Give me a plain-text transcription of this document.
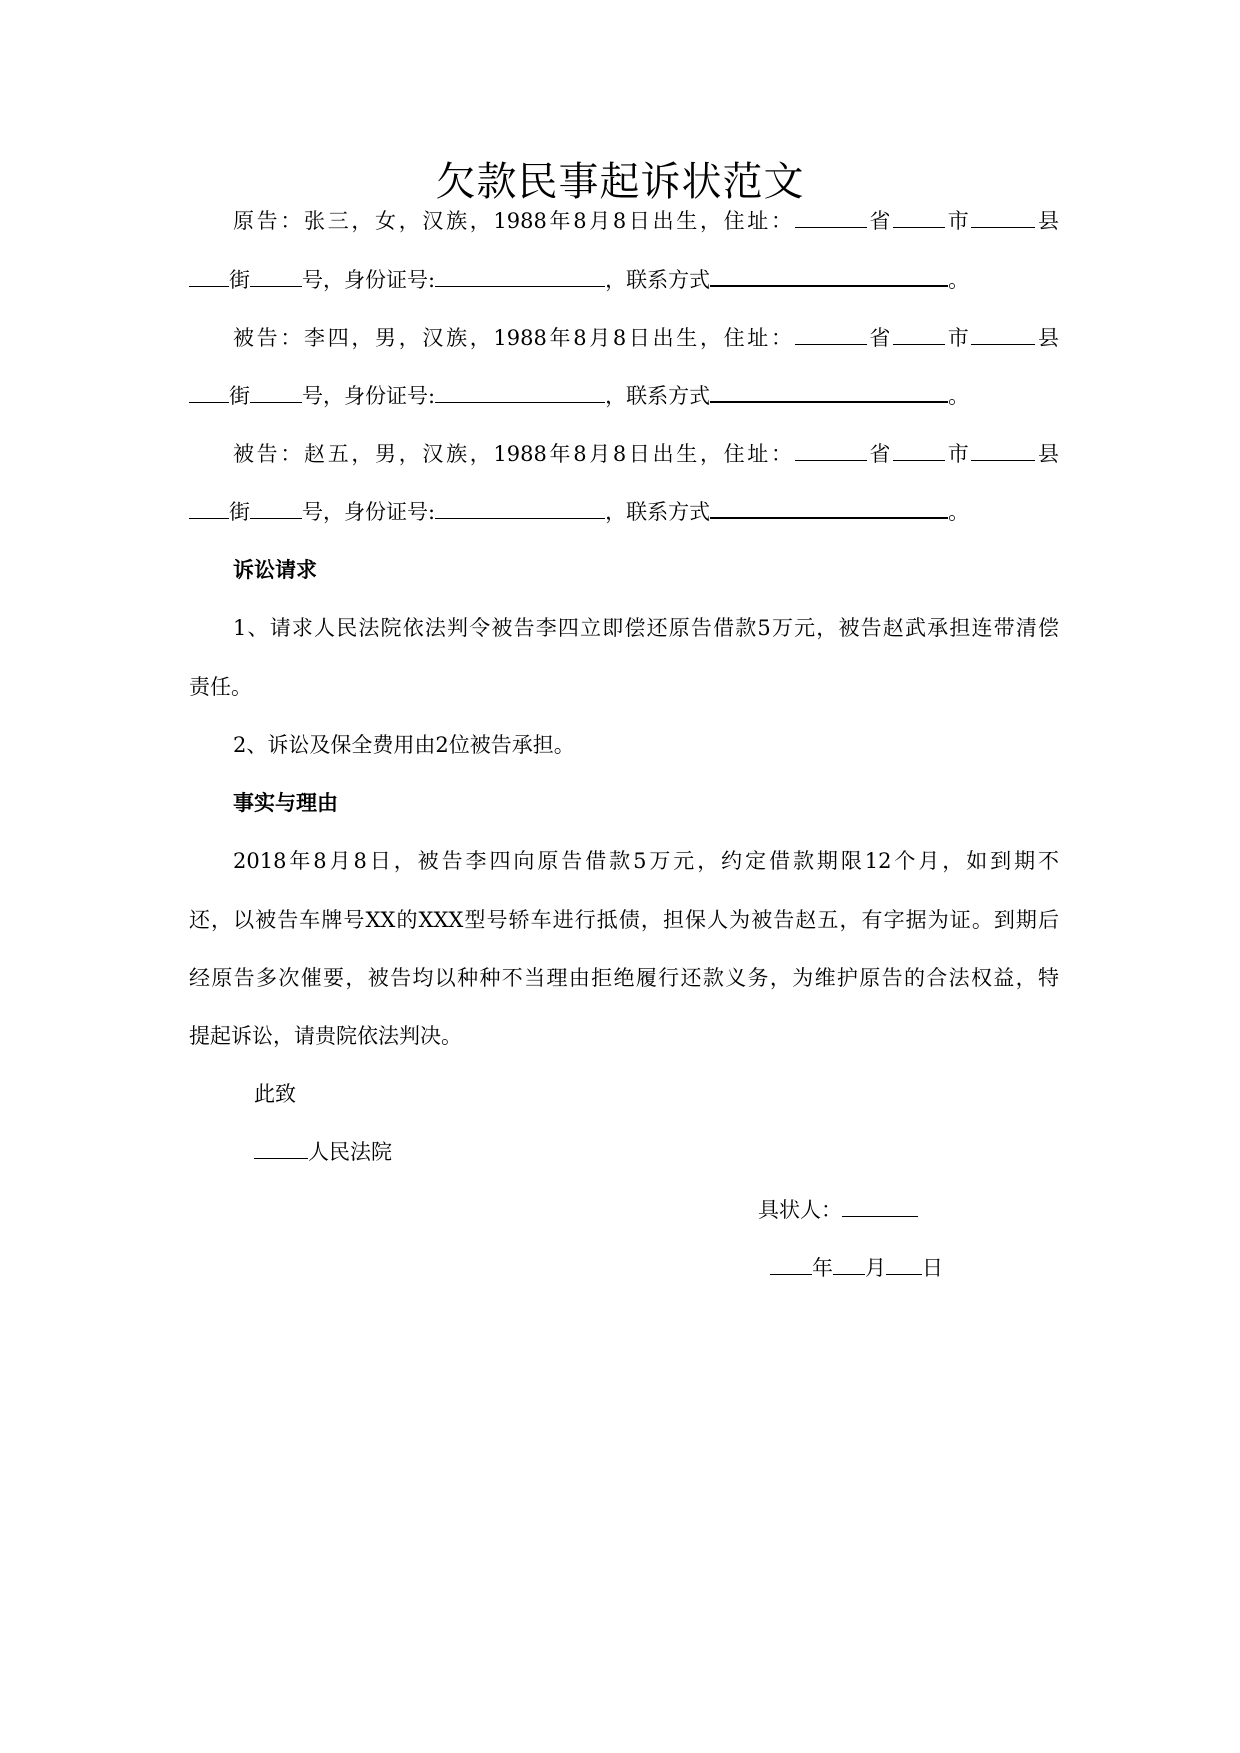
欠款民事起诉状范文
原告：张三，女，汉族，1988年8月8日出生，住址：	省 市	县
街 号，身份证号:	，联系方式	。
被告：李四，男，汉族，1988年8月8日出生，住址：	省 市	县
街 号，身份证号:	，联系方式	。
被告：赵五，男，汉族，1988年8月8日出生，住址：	省 市	县
街 号，身份证号:	，联系方式	。
诉讼请求
1、请求人民法院依法判令被告李四立即偿还原告借款5万元，被告赵武承担连带清偿
责任。
2、诉讼及保全费用由2位被告承担。
事实与理由
2018年8月8日，被告李四向原告借款5万元，约定借款期限12个月，如到期不
还，以被告车牌号XX的XXX型号轿车进行抵债，担保人为被告赵五，有字据为证。到期后
经原告多次催要，被告均以种种不当理由拒绝履行还款义务，为维护原告的合法权益，特
提起诉讼，请贵院依法判决。
此致
人民法院
具状人：
年 月 日
